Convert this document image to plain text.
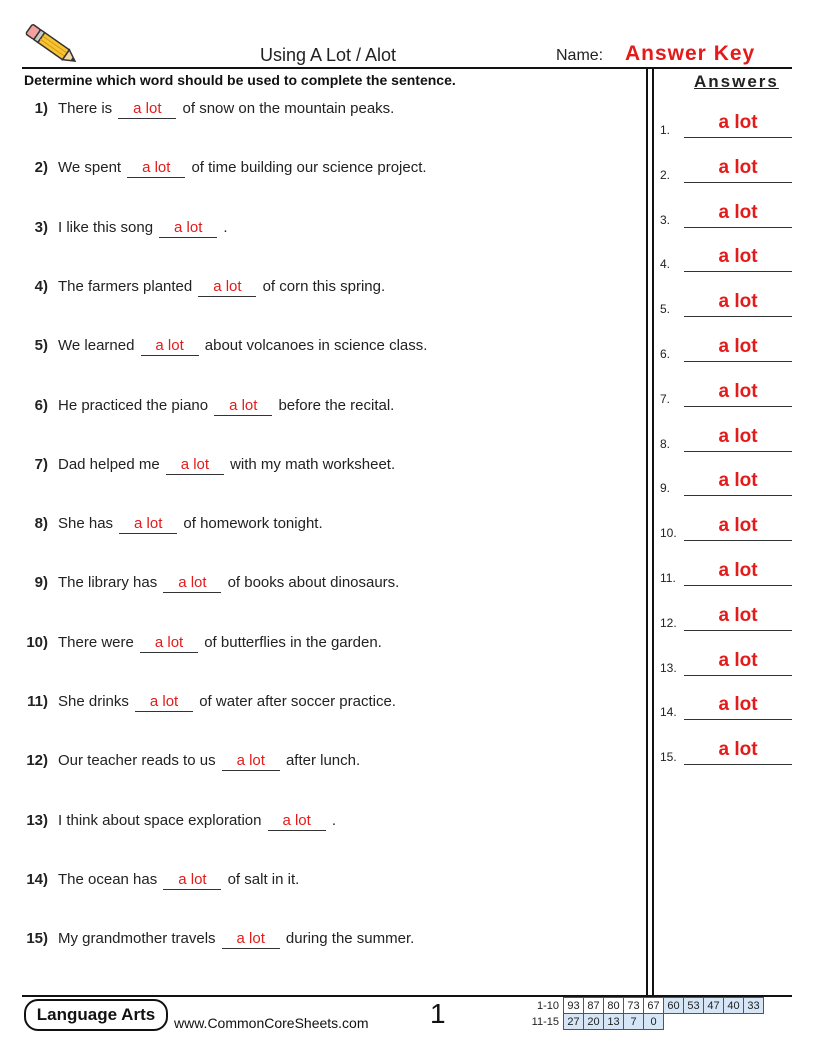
Using A Lot / Alot	Name: Answer Key
Determine which word should be used to complete the sentence.
1) There is a lot of snow on the mountain peaks.
2) We spent a lot of time building our science project.
3) I like this song a lot .
4) The farmers planted a lot of corn this spring.
5) We learned a lot about volcanoes in science class.
6) He practiced the piano a lot before the recital.
7) Dad helped me a lot with my math worksheet.
8) She has a lot of homework tonight.
9) The library has a lot of books about dinosaurs.
10) There were a lot of butterflies in the garden.
11) She drinks a lot of water after soccer practice.
12) Our teacher reads to us a lot after lunch.
13) I think about space exploration a lot .
14) The ocean has a lot of salt in it.
15) My grandmother travels a lot during the summer.
Answers
1.	a lot
2.	a lot
3.	a lot
4.	a lot
5.	a lot
6.	a lot
7.	a lot
8.	a lot
9.	a lot
10.	a lot
11.	a lot
12.	a lot
13.	a lot
14.	a lot
15.	a lot
Language Arts www.CommonCoreSheets.com 1	1-10	93	87	80	73	67	60	53	47	40	33
11-15	27	20	13	7	0					
